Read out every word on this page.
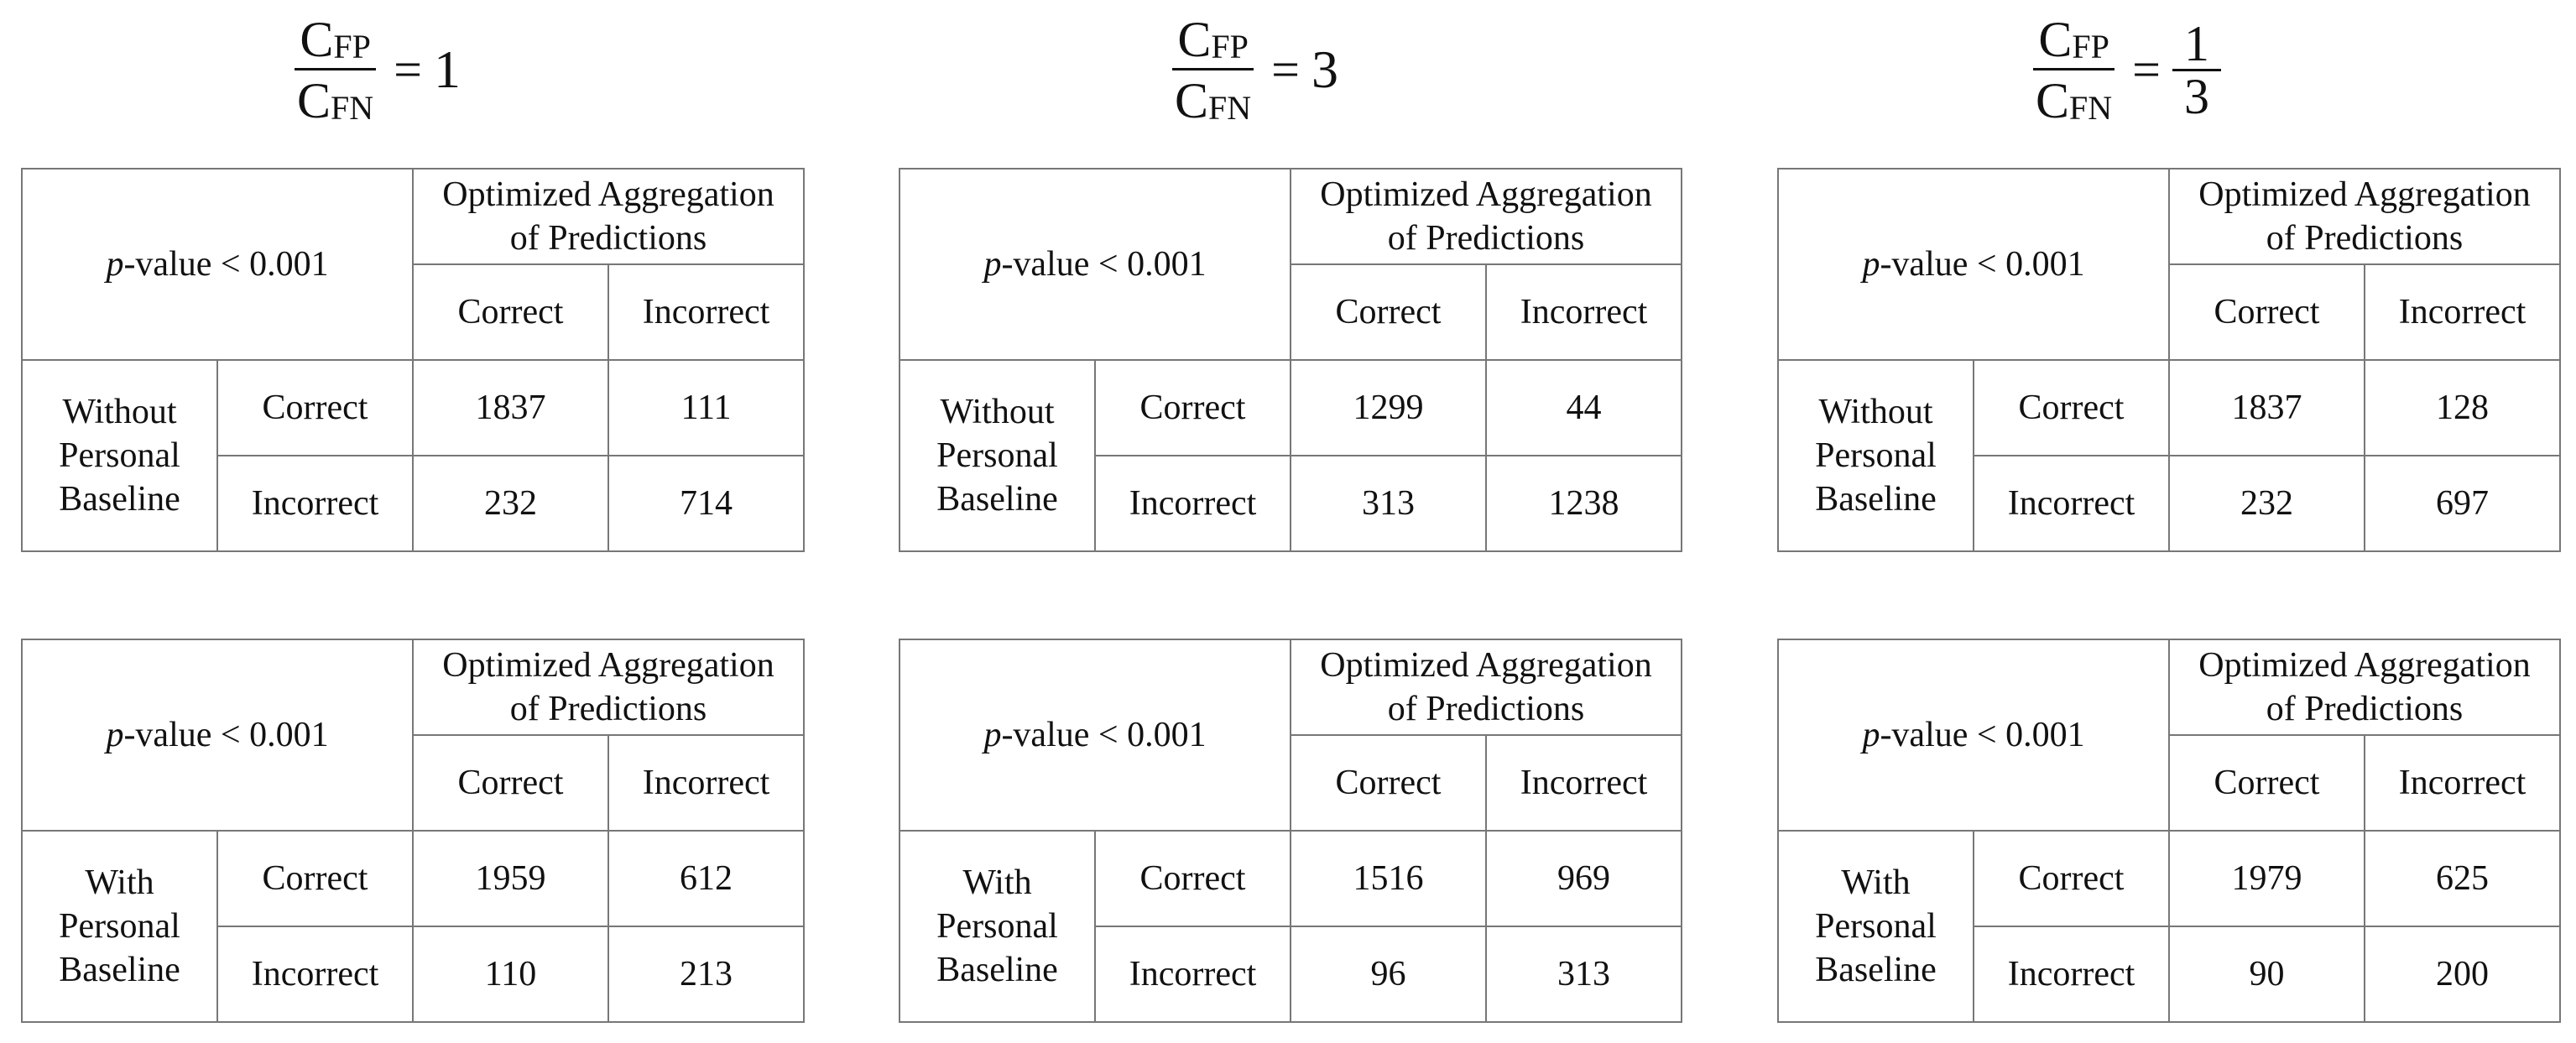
$\frac{\text{CFP}}{\text{CFN}} = 1$
p-value < 0.001		Optimized Aggregation
of Predictions	
		Correct	Incorrect
Without
Personal
Baseline	Correct	1837	111
	Incorrect	232	714
p-value < 0.001		Optimized Aggregation
of Predictions	
		Correct	Incorrect
With
Personal
Baseline	Correct	1959	612
	Incorrect	110	213
$\frac{\text{CFP}}{\text{CFN}} = 3$
p-value < 0.001		Optimized Aggregation
of Predictions	
		Correct	Incorrect
Without
Personal
Baseline	Correct	1299	44
	Incorrect	313	1238
p-value < 0.001		Optimized Aggregation
of Predictions	
		Correct	Incorrect
With
Personal
Baseline	Correct	1516	969
	Incorrect	96	313
$\frac{\text{CFP}}{\text{CFN}} = \frac{1}{3}$
p-value < 0.001		Optimized Aggregation
of Predictions	
		Correct	Incorrect
Without
Personal
Baseline	Correct	1837	128
	Incorrect	232	697
p-value < 0.001		Optimized Aggregation
of Predictions	
		Correct	Incorrect
With
Personal
Baseline	Correct	1979	625
	Incorrect	90	200
